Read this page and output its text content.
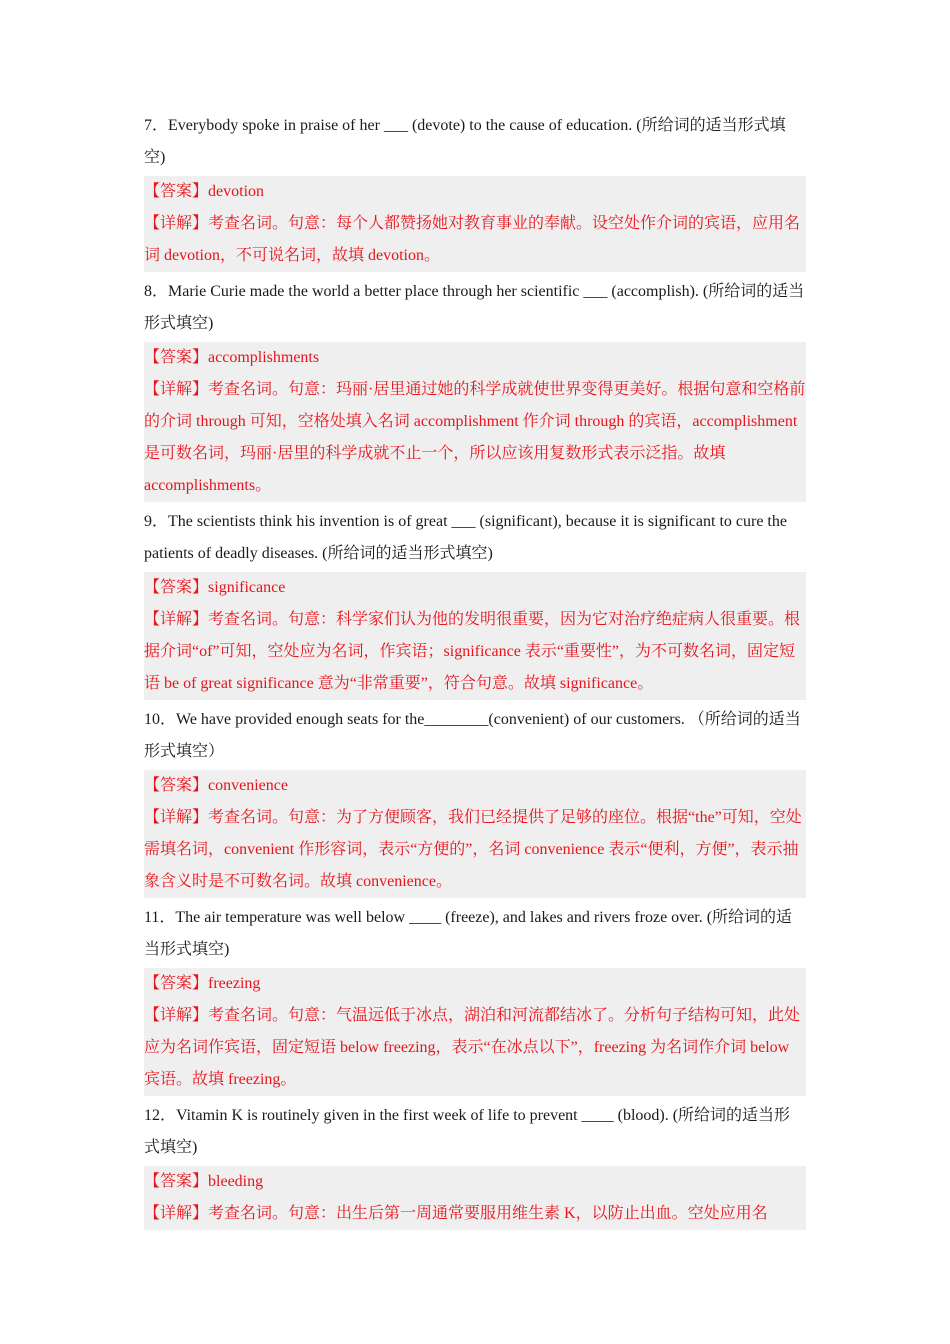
7．Everybody spoke in praise of her ___ (devote) to the cause of education. (所给词的适当形式填空)

【答案】devotion

【详解】考查名词。句意：每个人都赞扬她对教育事业的奉献。设空处作介词的宾语，应用名词 devotion，不可说名词，故填 devotion。

8．Marie Curie made the world a better place through her scientific ___ (accomplish). (所给词的适当形式填空)

【答案】accomplishments

【详解】考查名词。句意：玛丽·居里通过她的科学成就使世界变得更美好。根据句意和空格前的介词 through 可知，空格处填入名词 accomplishment 作介词 through 的宾语，accomplishment 是可数名词，玛丽·居里的科学成就不止一个，所以应该用复数形式表示泛指。故填 accomplishments。

9．The scientists think his invention is of great ___ (significant), because it is significant to cure the patients of deadly diseases. (所给词的适当形式填空)

【答案】significance

【详解】考查名词。句意：科学家们认为他的发明很重要，因为它对治疗绝症病人很重要。根据介词“of”可知，空处应为名词，作宾语；significance 表示“重要性”，为不可数名词，固定短语 be of great significance 意为“非常重要”，符合句意。故填 significance。

10．We have provided enough seats for the________(convenient) of our customers. （所给词的适当形式填空）

【答案】convenience

【详解】考查名词。句意：为了方便顾客，我们已经提供了足够的座位。根据“the”可知，空处需填名词，convenient 作形容词，表示“方便的”，名词 convenience 表示“便利，方便”，表示抽象含义时是不可数名词。故填 convenience。

11．The air temperature was well below ____ (freeze), and lakes and rivers froze over. (所给词的适当形式填空)

【答案】freezing

【详解】考查名词。句意：气温远低于冰点，湖泊和河流都结冰了。分析句子结构可知，此处应为名词作宾语，固定短语 below freezing，表示“在冰点以下”，freezing 为名词作介词 below 宾语。故填 freezing。

12．Vitamin K is routinely given in the first week of life to prevent ____ (blood). (所给词的适当形式填空)

【答案】bleeding

【详解】考查名词。句意：出生后第一周通常要服用维生素 K，以防止出血。空处应用名
